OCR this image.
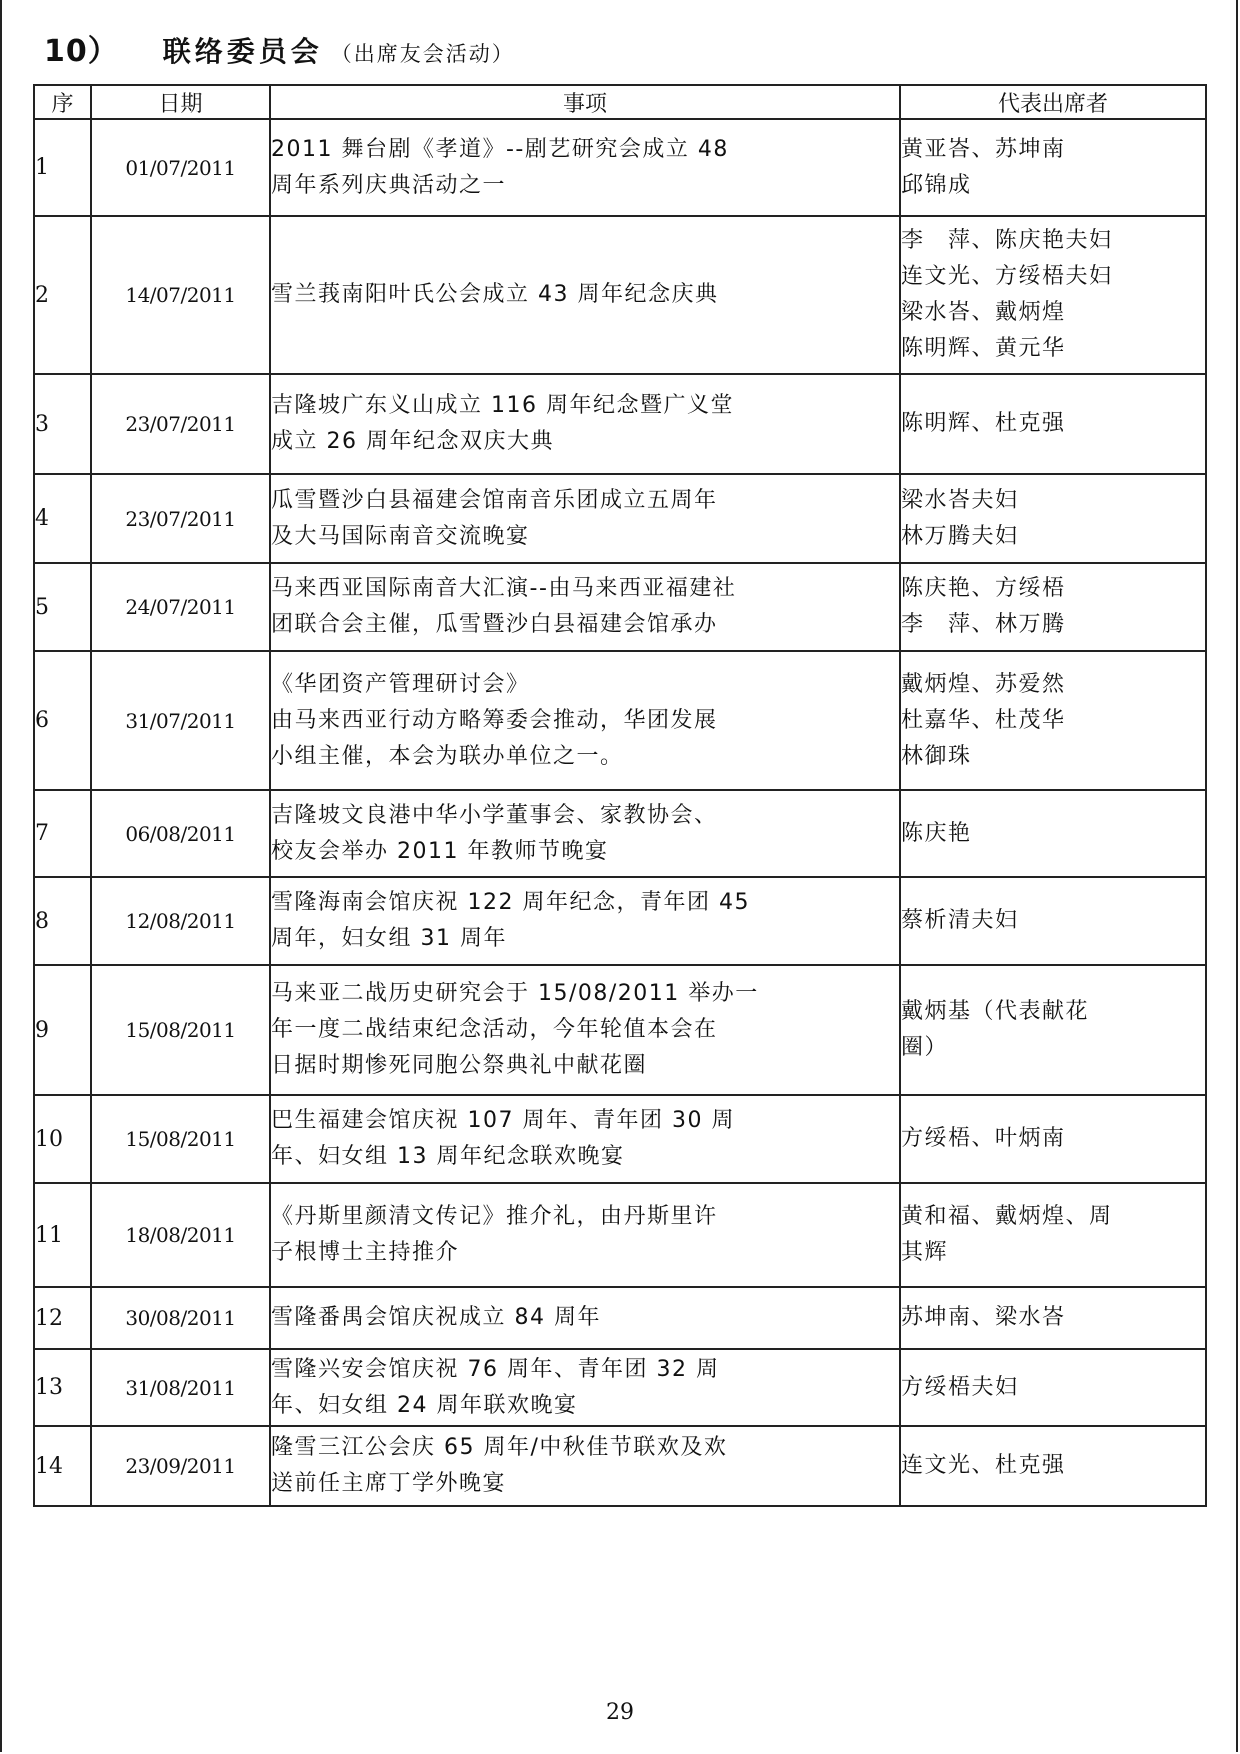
10） 联络委员会 （出席友会活动）
序	日期	事项	代表出席者
1	01/07/2011	2011 舞台剧《孝道》--剧艺研究会成立 48
周年系列庆典活动之一	黄亚峇、苏坤南
邱锦成

2	14/07/2011	雪兰莪南阳叶氏公会成立 43 周年纪念庆典	李　萍、陈庆艳夫妇
连文光、方绥梧夫妇
梁水峇、戴炳煌
陈明辉、黄元华

3	23/07/2011	吉隆坡广东义山成立 116 周年纪念暨广义堂
成立 26 周年纪念双庆大典	陈明辉、杜克强

4	23/07/2011	瓜雪暨沙白县福建会馆南音乐团成立五周年
及大马国际南音交流晚宴	梁水峇夫妇
林万腾夫妇

5	24/07/2011	马来西亚国际南音大汇演--由马来西亚福建社
团联合会主催，瓜雪暨沙白县福建会馆承办	陈庆艳、方绥梧
李　萍、林万腾

6	31/07/2011	《华团资产管理研讨会》
由马来西亚行动方略筹委会推动，华团发展
小组主催，本会为联办单位之一。	戴炳煌、苏爱然
杜嘉华、杜茂华
林御珠

7	06/08/2011	吉隆坡文良港中华小学董事会、家教协会、
校友会举办 2011 年教师节晚宴	陈庆艳

8	12/08/2011	雪隆海南会馆庆祝 122 周年纪念，青年团 45
周年，妇女组 31 周年	蔡析清夫妇

9	15/08/2011	马来亚二战历史研究会于 15/08/2011 举办一
年一度二战结束纪念活动，今年轮值本会在
日据时期惨死同胞公祭典礼中献花圈	戴炳基（代表献花
圈）

10	15/08/2011	巴生福建会馆庆祝 107 周年、青年团 30 周
年、妇女组 13 周年纪念联欢晚宴	方绥梧、叶炳南

11	18/08/2011	《丹斯里颜清文传记》推介礼，由丹斯里许
子根博士主持推介	黄和福、戴炳煌、周
其辉

12	30/08/2011	雪隆番禺会馆庆祝成立 84 周年	苏坤南、梁水峇

13	31/08/2011	雪隆兴安会馆庆祝 76 周年、青年团 32 周
年、妇女组 24 周年联欢晚宴	方绥梧夫妇

14	23/09/2011	隆雪三江公会庆 65 周年/中秋佳节联欢及欢
送前任主席丁学外晚宴	连文光、杜克强
29
